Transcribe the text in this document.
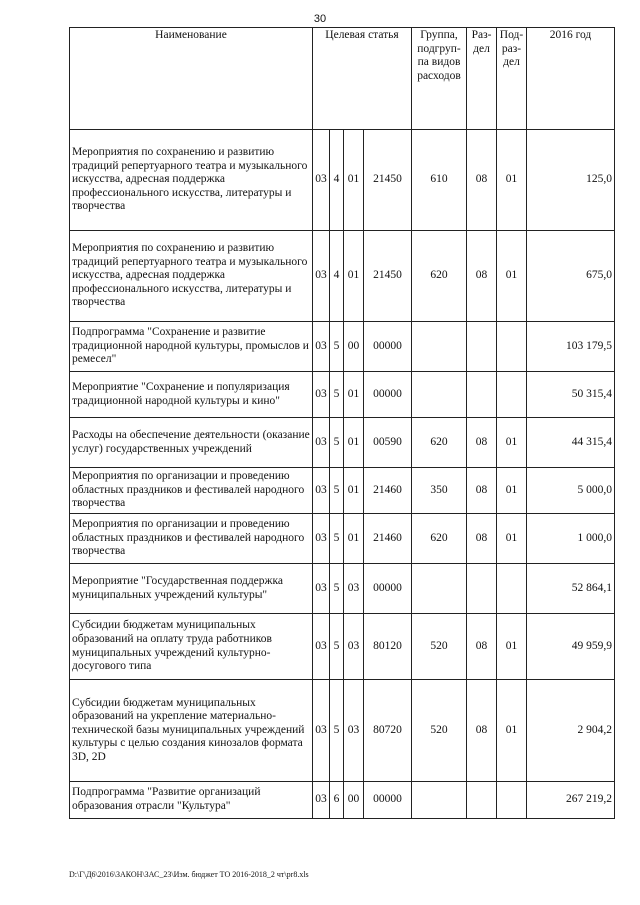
30
Наименование	Целевая статья				Группа, подгруп-па видов расходов	Раз-дел	Под-раз-дел	2016 год
Мероприятия по сохранению и развитию традиций репертуарного театра и музыкального искусства, адресная поддержка профессионального искусства, литературы и творчества	03	4	01	21450	610	08	01	125,0
Мероприятия по сохранению и развитию традиций репертуарного театра и музыкального искусства, адресная поддержка профессионального искусства, литературы и творчества	03	4	01	21450	620	08	01	675,0
Подпрограмма "Сохранение и развитие традиционной народной культуры, промыслов и ремесел"	03	5	00	00000				103 179,5
Мероприятие "Сохранение и популяризация традиционной народной культуры и кино"	03	5	01	00000				50 315,4
Расходы на обеспечение деятельности (оказание услуг) государственных учреждений	03	5	01	00590	620	08	01	44 315,4
Мероприятия по организации и проведению областных праздников и фестивалей народного творчества	03	5	01	21460	350	08	01	5 000,0
Мероприятия по организации и проведению областных праздников и фестивалей народного творчества	03	5	01	21460	620	08	01	1 000,0
Мероприятие "Государственная поддержка муниципальных учреждений культуры"	03	5	03	00000				52 864,1
Субсидии бюджетам муниципальных образований на оплату труда работников муниципальных учреждений культурно-досугового типа	03	5	03	80120	520	08	01	49 959,9
Субсидии бюджетам муниципальных образований на укрепление материально-технической базы муниципальных учреждений культуры с целью создания кинозалов формата 3D, 2D	03	5	03	80720	520	08	01	2 904,2
Подпрограмма "Развитие организаций образования отрасли "Культура"	03	6	00	00000				267 219,2
D:\Г\Д6\2016\ЗАКОН\ЗАС_23\Изм. бюджет ТО 2016-2018_2 чт\pr8.xls
